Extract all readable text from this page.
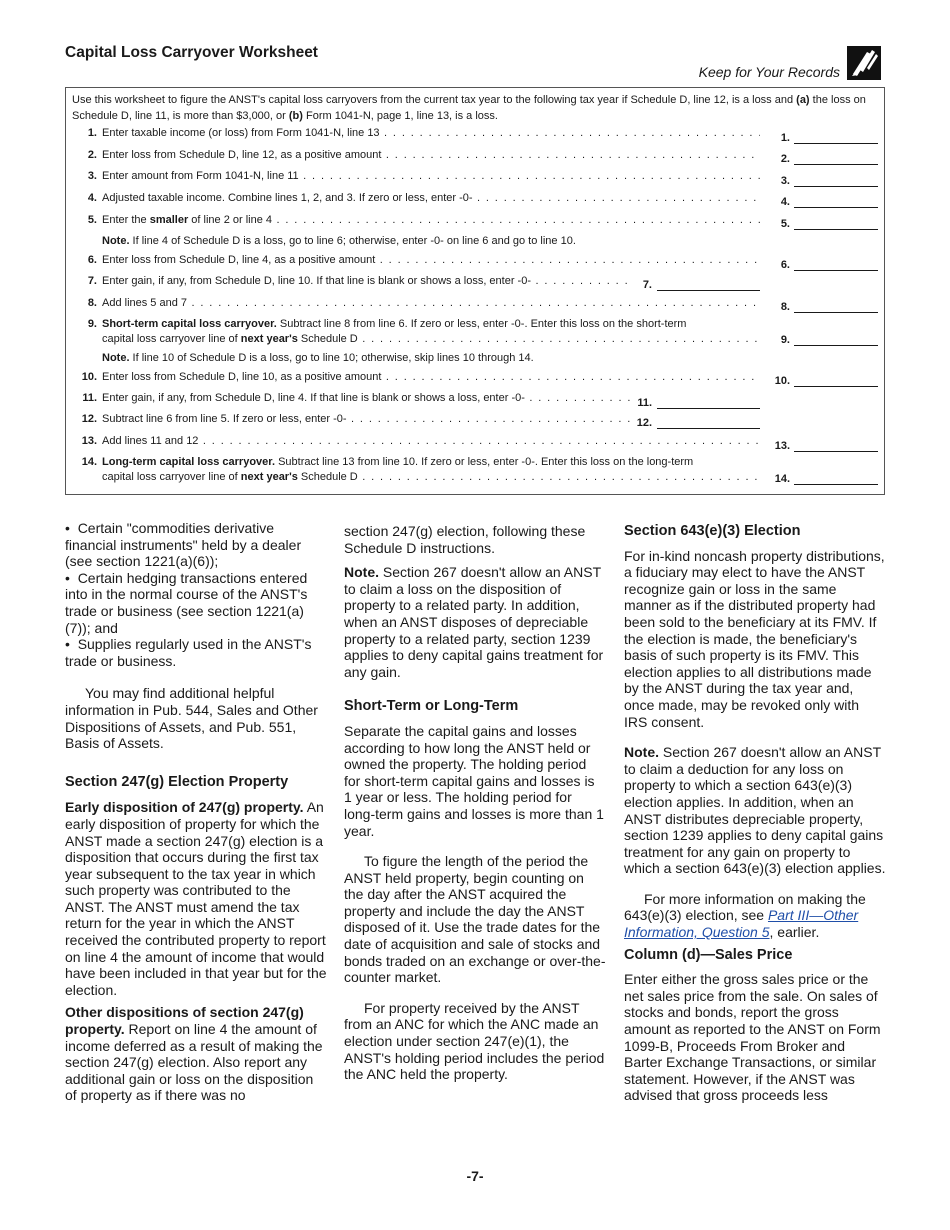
Capital Loss Carryover Worksheet
Keep for Your Records
Use this worksheet to figure the ANST's capital loss carryovers from the current tax year to the following tax year if Schedule D, line 12, is a loss and (a) the loss on Schedule D, line 11, is more than $3,000, or (b) Form 1041-N, page 1, line 13, is a loss.
1. Enter taxable income (or loss) from Form 1041-N, line 13 . . .
2. Enter loss from Schedule D, line 12, as a positive amount . . .
3. Enter amount from Form 1041-N, line 11 . . .
4. Adjusted taxable income. Combine lines 1, 2, and 3. If zero or less, enter -0- . . .
5. Enter the smaller of line 2 or line 4 . . .
Note. If line 4 of Schedule D is a loss, go to line 6; otherwise, enter -0- on line 6 and go to line 10.
6. Enter loss from Schedule D, line 4, as a positive amount . . .
7. Enter gain, if any, from Schedule D, line 10. If that line is blank or shows a loss, enter -0- . . .
8. Add lines 5 and 7 . . .
9. Short-term capital loss carryover. Subtract line 8 from line 6. If zero or less, enter -0-. Enter this loss on the short-term
capital loss carryover line of next year's Schedule D . . .
Note. If line 10 of Schedule D is a loss, go to line 10; otherwise, skip lines 10 through 14.
10. Enter loss from Schedule D, line 10, as a positive amount . . .
11. Enter gain, if any, from Schedule D, line 4. If that line is blank or shows a loss, enter -0- . . .
12. Subtract line 6 from line 5. If zero or less, enter -0- . . .
13. Add lines 11 and 12 . . .
14. Long-term capital loss carryover. Subtract line 13 from line 10. If zero or less, enter -0-. Enter this loss on the long-term
capital loss carryover line of next year's Schedule D . . .
1.
2.
3.
4.
5.
6.
7.
8.
9.
10.
11.
12.
13.
14.

•  Certain "commodities derivative financial instruments" held by a dealer (see section 1221(a)(6));

•  Certain hedging transactions entered into in the normal course of the ANST's trade or business (see section 1221(a)(7)); and

•  Supplies regularly used in the ANST's trade or business.

You may find additional helpful information in Pub. 544, Sales and Other Dispositions of Assets, and Pub. 551, Basis of Assets.

Section 247(g) Election Property

Early disposition of 247(g) property. An early disposition of property for which the ANST made a section 247(g) election is a disposition that occurs during the first tax year subsequent to the tax year in which such property was contributed to the ANST. The ANST must amend the tax return for the year in which the ANST received the contributed property to report on line 4 the amount of income that would have been included in that year but for the election.

Other dispositions of section 247(g) property. Report on line 4 the amount of income deferred as a result of making the section 247(g) election. Also report any additional gain or loss on the disposition of property as if there was no

section 247(g) election, following these Schedule D instructions.

Note. Section 267 doesn't allow an ANST to claim a loss on the disposition of property to a related party. In addition, when an ANST disposes of depreciable property to a related party, section 1239 applies to deny capital gains treatment for any gain.

Short-Term or Long-Term

Separate the capital gains and losses according to how long the ANST held or owned the property. The holding period for short-term capital gains and losses is 1 year or less. The holding period for long-term gains and losses is more than 1 year.

To figure the length of the period the ANST held property, begin counting on the day after the ANST acquired the property and include the day the ANST disposed of it. Use the trade dates for the date of acquisition and sale of stocks and bonds traded on an exchange or over-the-counter market.

For property received by the ANST from an ANC for which the ANC made an election under section 247(e)(1), the ANST's holding period includes the period the ANC held the property.

Section 643(e)(3) Election

For in-kind noncash property distributions, a fiduciary may elect to have the ANST recognize gain or loss in the same manner as if the distributed property had been sold to the beneficiary at its FMV. If the election is made, the beneficiary's basis of such property is its FMV. This election applies to all distributions made by the ANST during the tax year and, once made, may be revoked only with IRS consent.

Note. Section 267 doesn't allow an ANST to claim a deduction for any loss on property to which a section 643(e)(3) election applies. In addition, when an ANST distributes depreciable property, section 1239 applies to deny capital gains treatment for any gain on property to which a section 643(e)(3) election applies.

For more information on making the 643(e)(3) election, see Part III—Other Information, Question 5, earlier.

Column (d)—Sales Price

Enter either the gross sales price or the net sales price from the sale. On sales of stocks and bonds, report the gross amount as reported to the ANST on Form 1099-B, Proceeds From Broker and Barter Exchange Transactions, or similar statement. However, if the ANST was advised that gross proceeds less

-7-
